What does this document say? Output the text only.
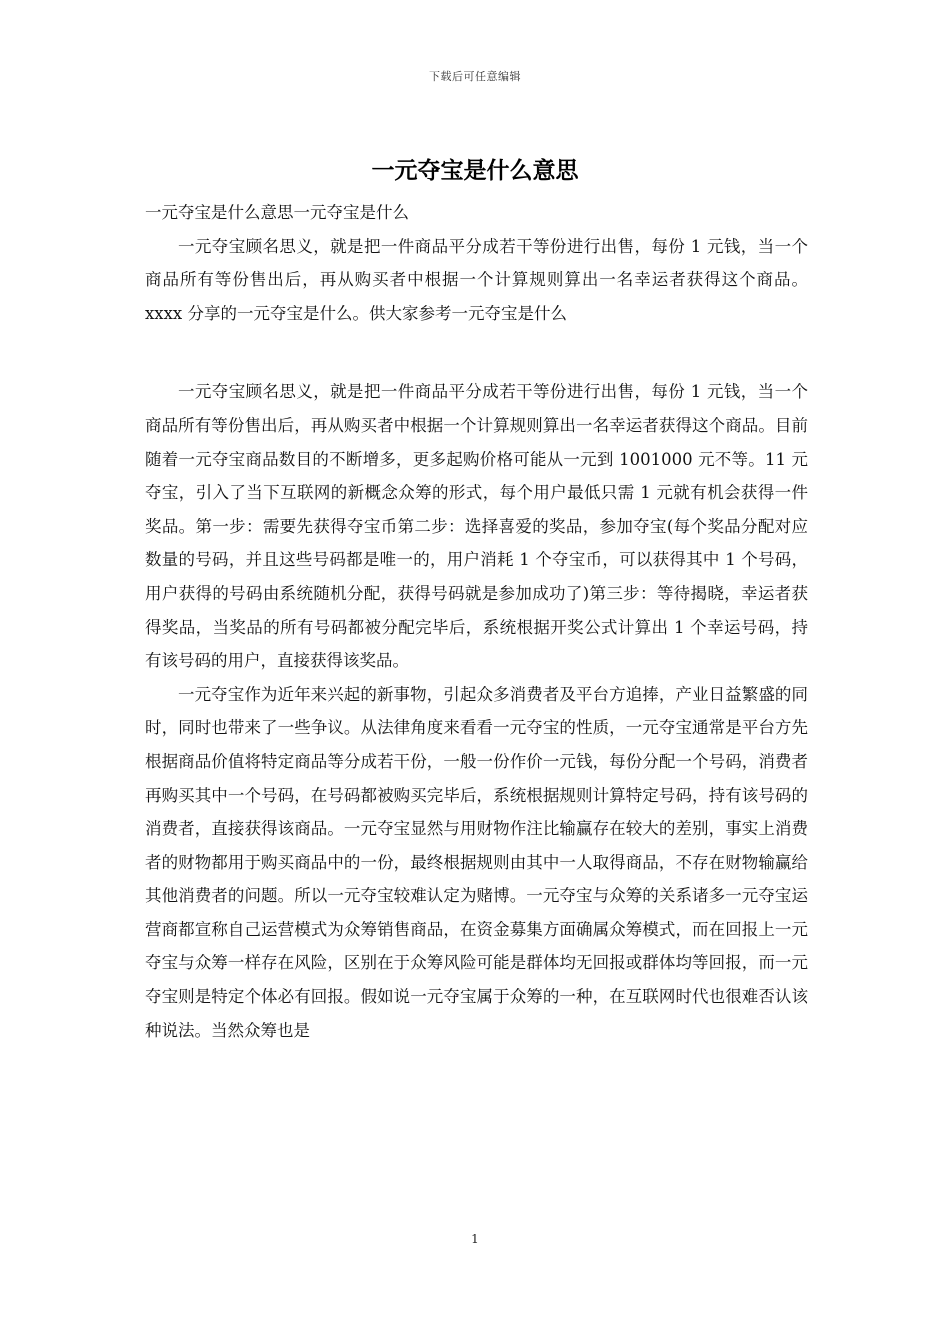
下载后可任意编辑
一元夺宝是什么意思

一元夺宝是什么意思一元夺宝是什么

一元夺宝顾名思义，就是把一件商品平分成若干等份进行出售，每份 1 元钱，当一个商品所有等份售出后，再从购买者中根据一个计算规则算出一名幸运者获得这个商品。xxxx 分享的一元夺宝是什么。供大家参考一元夺宝是什么

一元夺宝顾名思义，就是把一件商品平分成若干等份进行出售，每份 1 元钱，当一个商品所有等份售出后，再从购买者中根据一个计算规则算出一名幸运者获得这个商品。目前随着一元夺宝商品数目的不断增多，更多起购价格可能从一元到 1001000 元不等。11 元夺宝，引入了当下互联网的新概念众筹的形式，每个用户最低只需 1 元就有机会获得一件奖品。第一步：需要先获得夺宝币第二步：选择喜爱的奖品，参加夺宝(每个奖品分配对应数量的号码，并且这些号码都是唯一的，用户消耗 1 个夺宝币，可以获得其中 1 个号码，用户获得的号码由系统随机分配，获得号码就是参加成功了)第三步：等待揭晓，幸运者获得奖品，当奖品的所有号码都被分配完毕后，系统根据开奖公式计算出 1 个幸运号码，持有该号码的用户，直接获得该奖品。

一元夺宝作为近年来兴起的新事物，引起众多消费者及平台方追捧，产业日益繁盛的同时，同时也带来了一些争议。从法律角度来看看一元夺宝的性质，一元夺宝通常是平台方先根据商品价值将特定商品等分成若干份，一般一份作价一元钱，每份分配一个号码，消费者再购买其中一个号码，在号码都被购买完毕后，系统根据规则计算特定号码，持有该号码的消费者，直接获得该商品。一元夺宝显然与用财物作注比输赢存在较大的差别，事实上消费者的财物都用于购买商品中的一份，最终根据规则由其中一人取得商品，不存在财物输赢给其他消费者的问题。所以一元夺宝较难认定为赌博。一元夺宝与众筹的关系诸多一元夺宝运营商都宣称自己运营模式为众筹销售商品，在资金募集方面确属众筹模式，而在回报上一元夺宝与众筹一样存在风险，区别在于众筹风险可能是群体均无回报或群体均等回报，而一元夺宝则是特定个体必有回报。假如说一元夺宝属于众筹的一种，在互联网时代也很难否认该种说法。当然众筹也是

1
